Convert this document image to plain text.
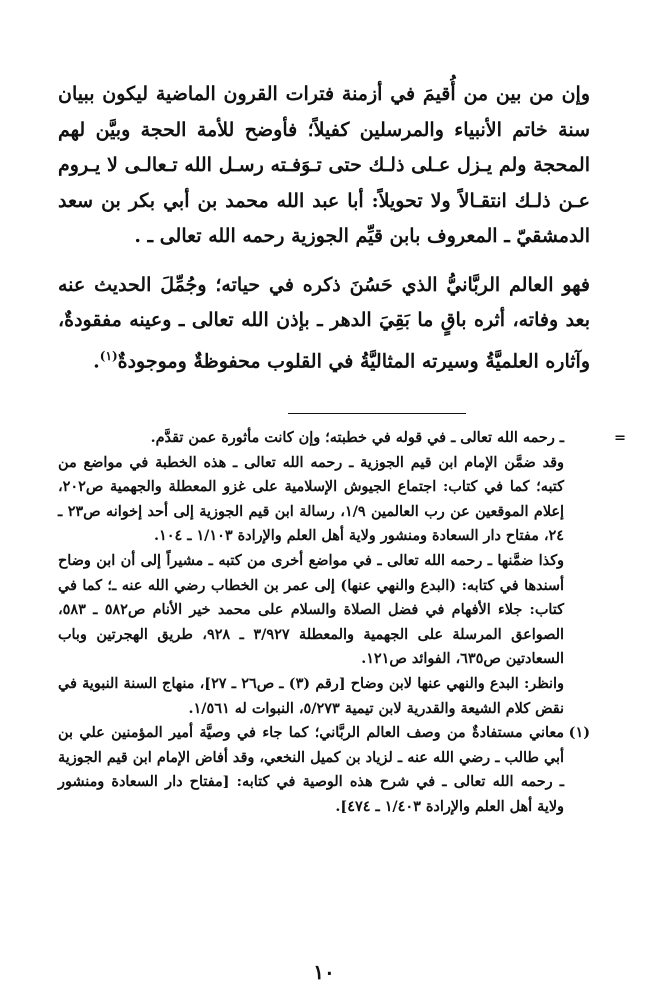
وإن من بين من أُقيمَ في أزمنة فترات القرون الماضية ليكون ببيان سنة خاتم الأنبياء والمرسلين كفيلاً؛ فأوضح للأمة الحجة وبيَّن لهم المحجة ولم يـزل عـلى ذلـك حتى تـوَفـته رسـل الله تـعالـى لا يـروم عـن ذلـك انتقـالاً ولا تحويلاً: أبا عبد الله محمد بن أبي بكر بن سعد الدمشقيّ ـ المعروف بابن قيِّم الجوزية رحمه الله تعالى ـ .

فهو العالم الربَّانيُّ الذي حَسُنَ ذكره في حياته؛ وجُمِّلَ الحديث عنه بعد وفاته، أثره باقٍ ما بَقِيَ الدهر ـ بإذن الله تعالى ـ وعينه مفقودةٌ، وآثاره العلميَّةُ وسيرته المثاليَّةُ في القلوب محفوظةٌ وموجودةٌ$^{(١)}$.

=
ـ رحمه الله تعالى ـ في قوله في خطبته؛ وإن كانت مأثورة عمن تقدَّم.

وقد ضمَّن الإمام ابن قيم الجوزية ـ رحمه الله تعالى ـ هذه الخطبة في مواضع من كتبه؛ كما في كتاب: اجتماع الجيوش الإسلامية على غزو المعطلة والجهمية ص٢٠٢، إعلام الموقعين عن رب العالمين ١/٩، رسالة ابن قيم الجوزية إلى أحد إخوانه ص٢٣ ـ ٢٤، مفتاح دار السعادة ومنشور ولاية أهل العلم والإرادة ١/١٠٣ ـ ١٠٤.

وكذا ضمَّنها ـ رحمه الله تعالى ـ في مواضع أخرى من كتبه ـ مشيراً إلى أن ابن وضاح أسندها في كتابه: (البدع والنهي عنها) إلى عمر بن الخطاب رضي الله عنه ـ؛ كما في كتاب: جلاء الأفهام في فضل الصلاة والسلام على محمد خير الأنام ص٥٨٢ ـ ٥٨٣، الصواعق المرسلة على الجهمية والمعطلة ٣/٩٢٧ ـ ٩٢٨، طريق الهجرتين وباب السعادتين ص٦٣٥، الفوائد ص١٢١.

وانظر: البدع والنهي عنها لابن وضاح [رقم (٣) ـ ص٢٦ ـ ٢٧]، منهاج السنة النبوية في نقض كلام الشيعة والقدرية لابن تيمية ٥/٢٧٣، النبوات له ١/٥٦١.

(١)

معاني مستفادةٌ من وصف العالم الربَّاني؛ كما جاء في وصيَّة أمير المؤمنين علي بن أبي طالب ـ رضي الله عنه ـ لزياد بن كميل النخعي، وقد أفاض الإمام ابن قيم الجوزية ـ رحمه الله تعالى ـ في شرح هذه الوصية في كتابه: [مفتاح دار السعادة ومنشور ولاية أهل العلم والإرادة ١/٤٠٣ ـ ٤٧٤].

١٠
